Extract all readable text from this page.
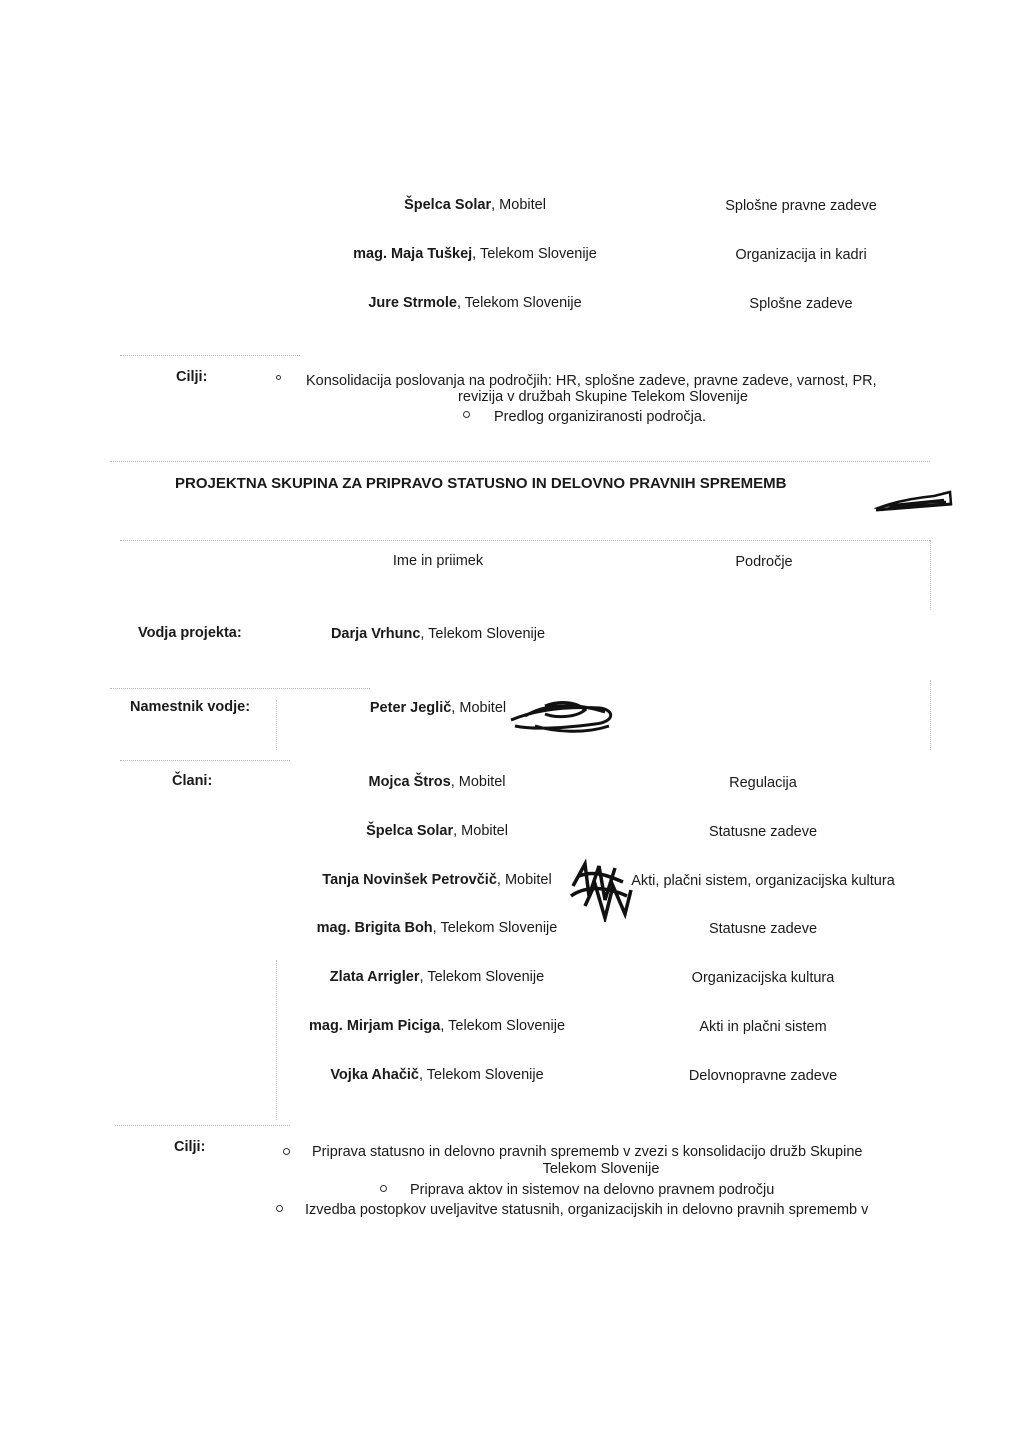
Špelca Solar, Mobitel	Splošne pravne zadeve
mag. Maja Tuškej, Telekom Slovenije	Organizacija in kadri
Jure Strmole, Telekom Slovenije	Splošne zadeve
Cilji:	Konsolidacija poslovanja na področjih: HR, splošne zadeve, pravne zadeve, varnost, PR,
revizija v družbah Skupine Telekom Slovenije
Predlog organiziranosti področja.
PROJEKTNA SKUPINA ZA PRIPRAVO STATUSNO IN DELOVNO PRAVNIH SPREMEMB
Ime in priimek	Področje
Vodja projekta:	Darja Vrhunc, Telekom Slovenije
Namestnik vodje:	Peter Jeglič, Mobitel
Člani:	Mojca Štros, Mobitel	Regulacija
Špelca Solar, Mobitel	Statusne zadeve
Tanja Novinšek Petrovčič, Mobitel	Akti, plačni sistem, organizacijska kultura
mag. Brigita Boh, Telekom Slovenije	Statusne zadeve
Zlata Arrigler, Telekom Slovenije	Organizacijska kultura
mag. Mirjam Piciga, Telekom Slovenije	Akti in plačni sistem
Vojka Ahačič, Telekom Slovenije	Delovnopravne zadeve
Cilji:	Priprava statusno in delovno pravnih sprememb v zvezi s konsolidacijo družb Skupine
Telekom Slovenije
Priprava aktov in sistemov na delovno pravnem področju
Izvedba postopkov uveljavitve statusnih, organizacijskih in delovno pravnih sprememb v
